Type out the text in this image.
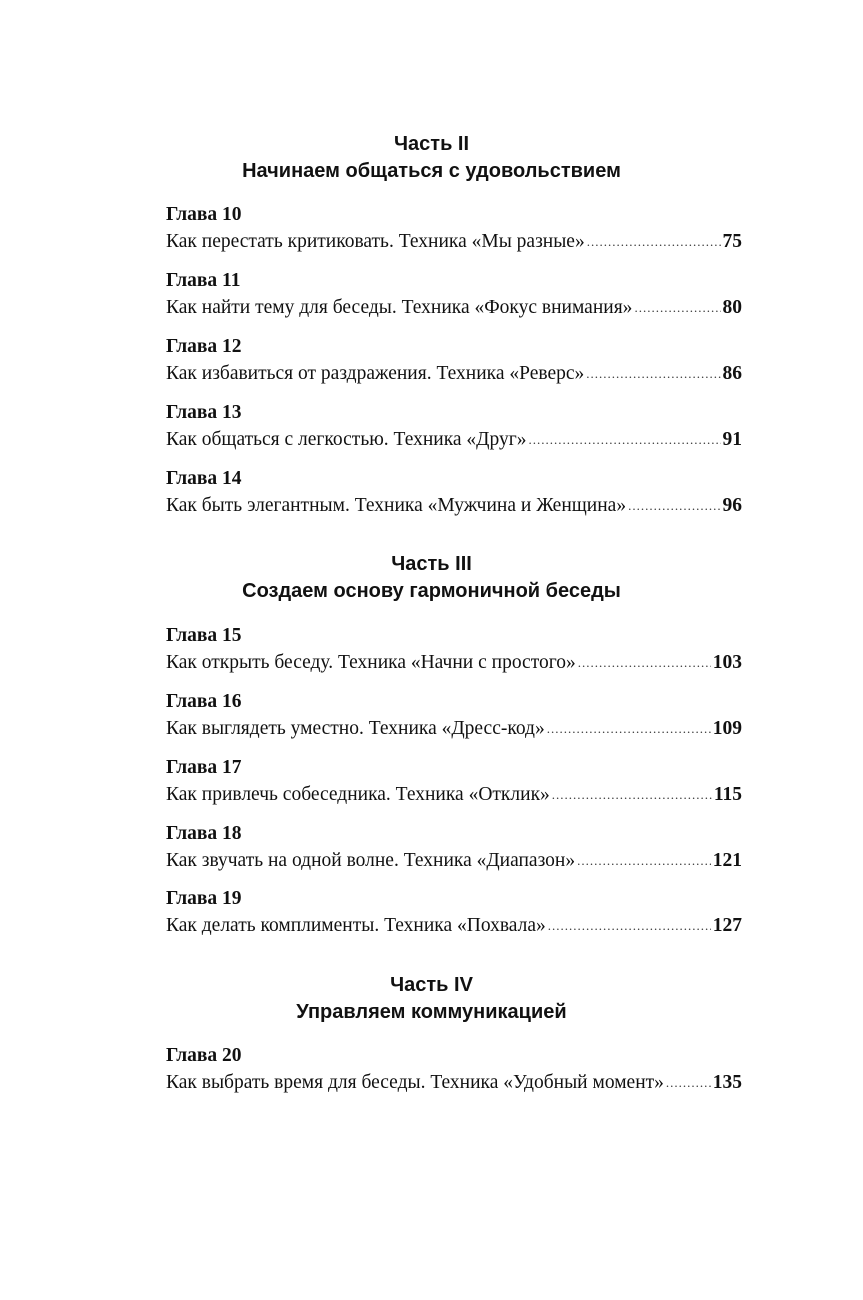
Часть II
Начинаем общаться с удовольствием
Глава 10
Как перестать критиковать. Техника «Мы разные» .....	75
Глава 11
Как найти тему для беседы. Техника «Фокус внимания» .....	80
Глава 12
Как избавиться от раздражения. Техника «Реверс» .....	86
Глава 13
Как общаться с легкостью. Техника «Друг» .....	91
Глава 14
Как быть элегантным. Техника «Мужчина и Женщина» .....	96
Часть III
Создаем основу гармоничной беседы
Глава 15
Как открыть беседу. Техника «Начни с простого» .....	103
Глава 16
Как выглядеть уместно. Техника «Дресс-код» .....	109
Глава 17
Как привлечь собеседника. Техника «Отклик» .....	115
Глава 18
Как звучать на одной волне. Техника «Диапазон» .....	121
Глава 19
Как делать комплименты. Техника «Похвала» .....	127
Часть IV
Управляем коммуникацией
Глава 20
Как выбрать время для беседы. Техника «Удобный момент» .....	135
